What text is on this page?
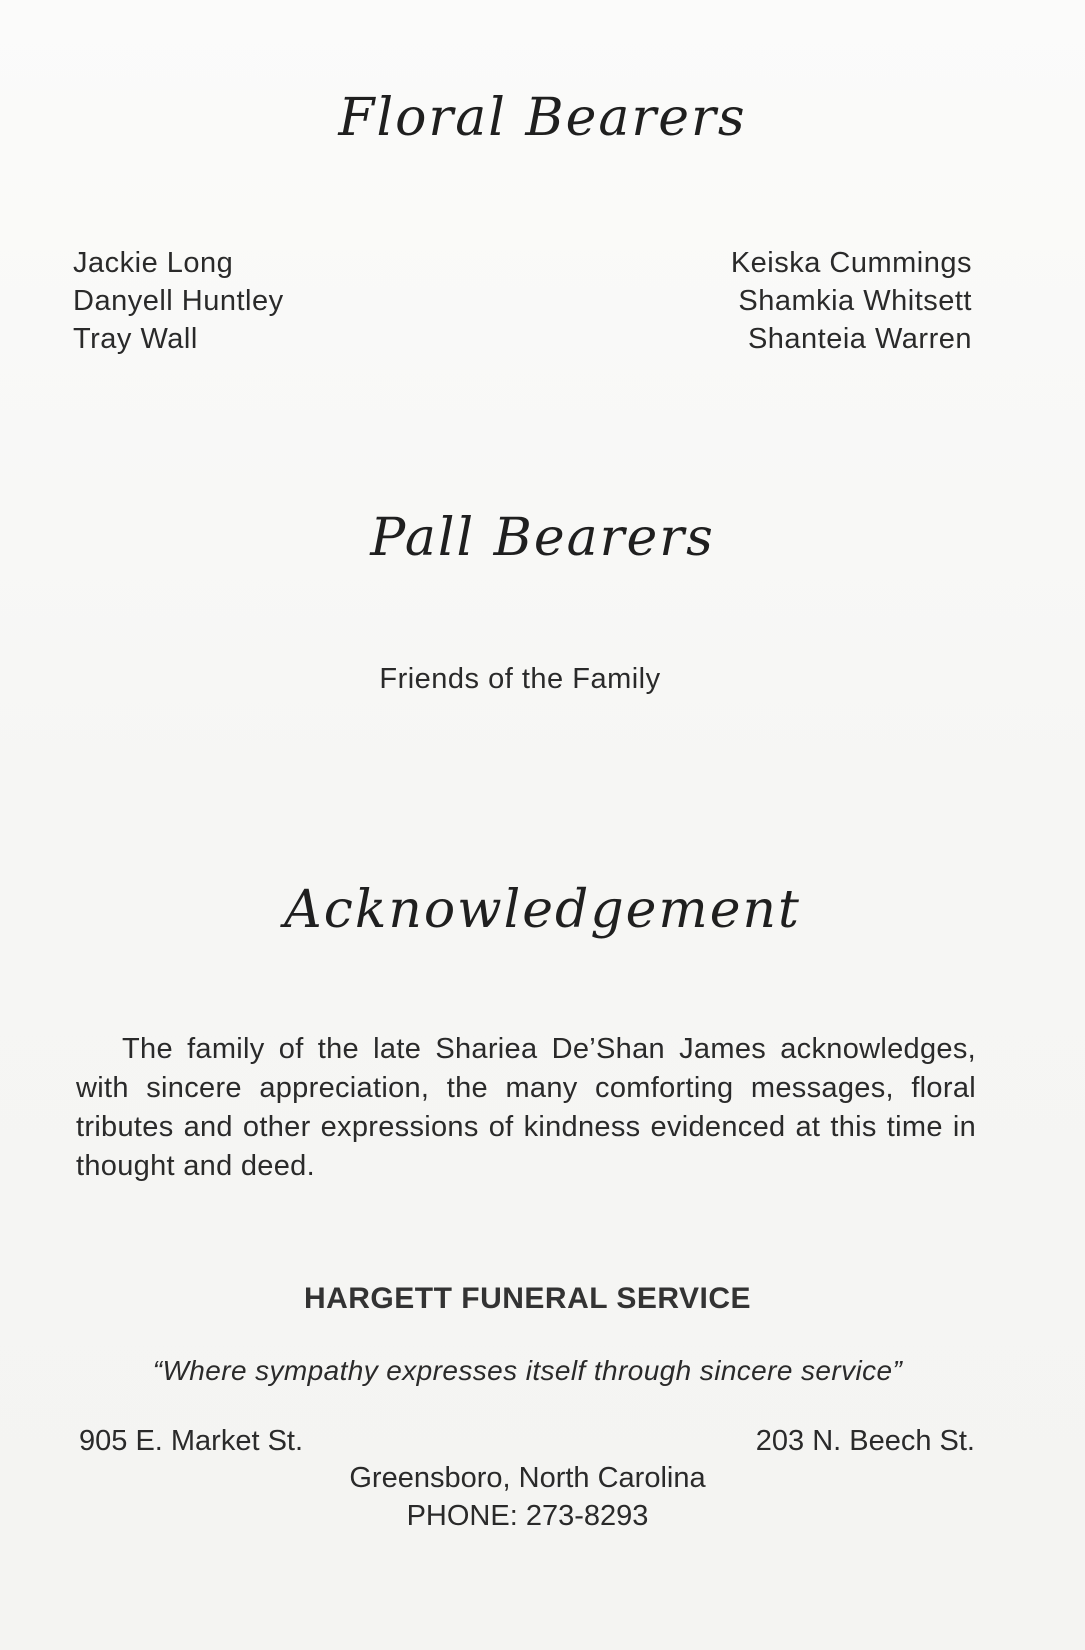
Floral Bearers
Jackie Long
Danyell Huntley
Tray Wall
Keiska Cummings
Shamkia Whitsett
Shanteia Warren
Pall Bearers
Friends of the Family
Acknowledgement

The family of the late Shariea De’Shan James acknowledges, with sincere appreciation, the many comforting messages, floral tributes and other expressions of kindness evidenced at this time in thought and deed.

HARGETT FUNERAL SERVICE
“Where sympathy expresses itself through sincere service”
905 E. Market St.	203 N. Beech St.
Greensboro, North Carolina
PHONE: 273-8293
